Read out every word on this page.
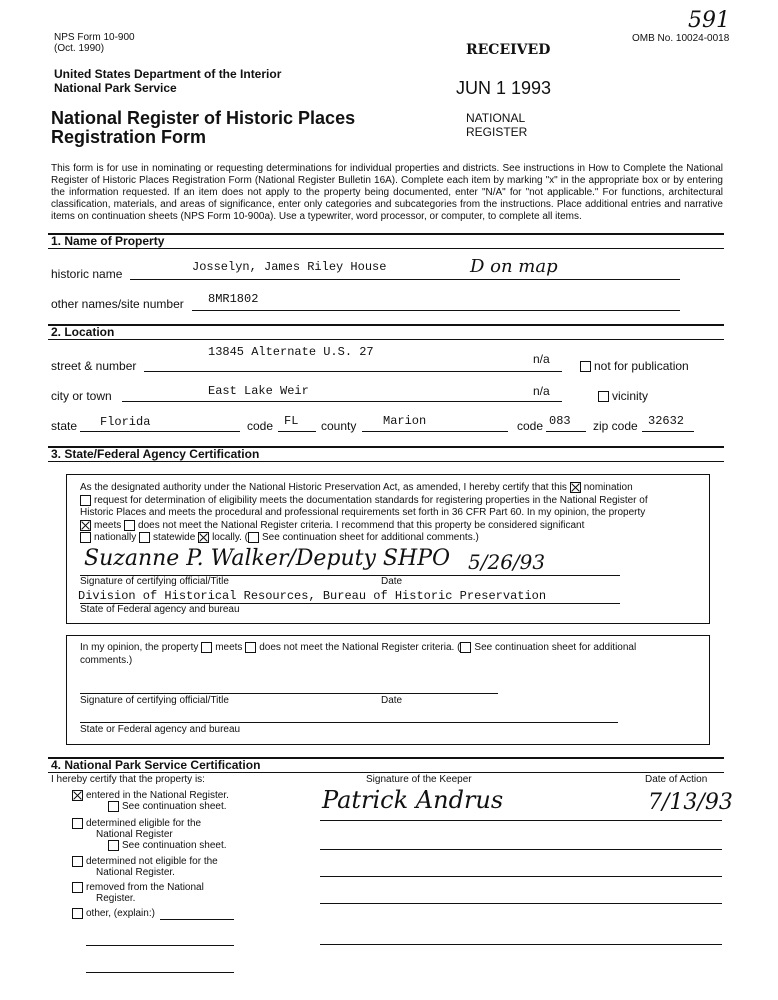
NPS Form 10-900
(Oct. 1990)
591
OMB No. 10024-0018
United States Department of the Interior
National Park Service
RECEIVED
JUN 1 1993
NATIONAL
REGISTER
National Register of Historic Places
Registration Form
This form is for use in nominating or requesting determinations for individual properties and districts. See instructions in How to Complete the National Register of Historic Places Registration Form (National Register Bulletin 16A). Complete each item by marking "x" in the appropriate box or by entering the information requested. If an item does not apply to the property being documented, enter "N/A" for "not applicable." For functions, architectural classification, materials, and areas of significance, enter only categories and subcategories from the instructions. Place additional entries and narrative items on continuation sheets (NPS Form 10-900a). Use a typewriter, word processor, or computer, to complete all items.
1. Name of Property
historic name	Josselyn, James Riley House	D on map
other names/site number 8MR1802
2. Location
street & number
13845 Alternate U.S. 27	n/a	not for publication
city or town	East Lake Weir	n/a	vicinity
state Florida	code FL county Marion	code 083 zip code 32632
3. State/Federal Agency Certification
As the designated authority under the National Historic Preservation Act, as amended, I hereby certify that this nomination
request for determination of eligibility meets the documentation standards for registering properties in the National Register of
Historic Places and meets the procedural and professional requirements set forth in 36 CFR Part 60. In my opinion, the property
meets does not meet the National Register criteria. I recommend that this property be considered significant
nationally statewide locally. ( See continuation sheet for additional comments.)
Suzanne P. Walker/Deputy SHPO 5/26/93
Signature of certifying official/Title	Date
Division of Historical Resources, Bureau of Historic Preservation
State of Federal agency and bureau
In my opinion, the property meets does not meet the National Register criteria. ( See continuation sheet for additional
comments.)
Signature of certifying official/Title	Date
State or Federal agency and bureau
4. National Park Service Certification
I hereby certify that the property is:	Signature of the Keeper	Date of Action
Patrick Andrus	7/13/93
entered in the National Register.
See continuation sheet.
determined eligible for the
National Register
See continuation sheet.
determined not eligible for the
National Register.
removed from the National
Register.
other, (explain:)
